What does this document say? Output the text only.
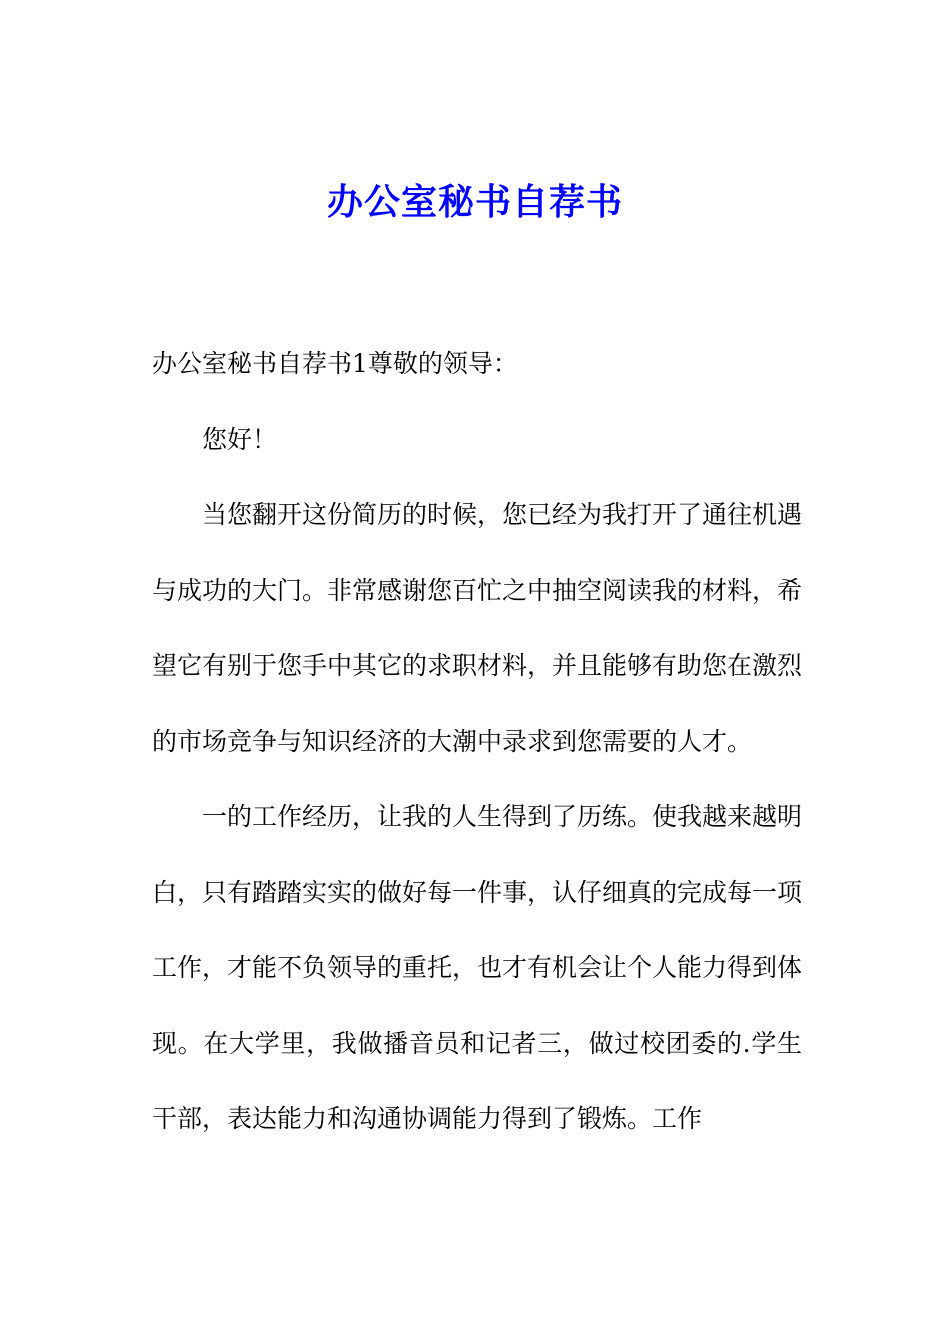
办公室秘书自荐书

办公室秘书自荐书1尊敬的领导：

您好！

当您翻开这份简历的时候，您已经为我打开了通往机遇与成功的大门。非常感谢您百忙之中抽空阅读我的材料，希望它有别于您手中其它的求职材料，并且能够有助您在激烈的市场竞争与知识经济的大潮中录求到您需要的人才。

一的工作经历，让我的人生得到了历练。使我越来越明白，只有踏踏实实的做好每一件事，认仔细真的完成每一项工作，才能不负领导的重托，也才有机会让个人能力得到体现。在大学里，我做播音员和记者三，做过校团委的.学生干部，表达能力和沟通协调能力得到了锻炼。工作
